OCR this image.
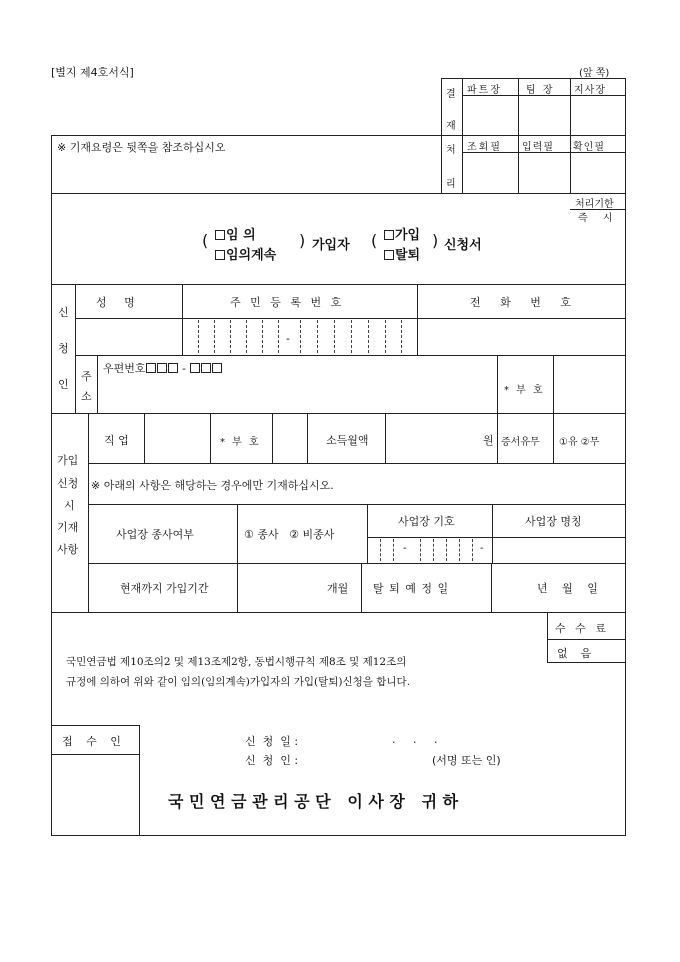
[별지 제4호서식]	(앞 쪽)
결
재
처
리
파트장 팀 장 지사장
조회필 입력필 확인필
처리기한
즉 시
※ 기재요령은 뒷쪽을 참조하십시오
(	임 의
임의계속
) 가입자 (	가입
탈퇴
) 신청서
-
신
청
인
성     명	주 민 등 록 번 호	전 화 번 호
주
소
우편번호	-
* 부 호
-	-
가입
신청
시
기재
사항
직 업	* 부 호	소득월액	원 증서유무 ①유 ②무
※ 아래의 사항은 해당하는 경우에만 기재하십시오.
사업장 종사여부	① 종사   ② 비종사
사업장 기호	사업장 명칭
현재까지 가입기간	개월 탈 퇴 예 정 일	년   월   일
수 수 료
없  음
국민연금법 제10조의2 및 제13조제2항, 동법시행규칙 제8조 및 제12조의
규정에 의하여 위와 같이 임의(임의계속)가입자의 가입(탈퇴)신청을 합니다.
접 수 인	신  청  일 :	.     .     .
신  청  인 :	(서명 또는 인)
국 민 연 금 관 리 공 단   이 사 장   귀 하
